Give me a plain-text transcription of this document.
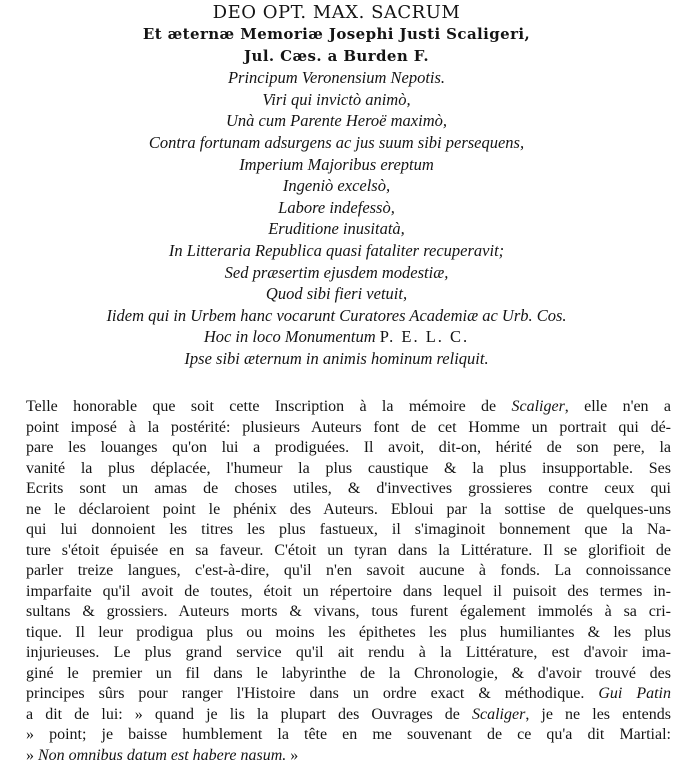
DEO OPT. MAX. SACRUM
Et æternæ Memoriæ Josephi Justi Scaligeri,
Jul. Cæs. a Burden F.
Principum Veronensium Nepotis.
Viri qui invictò animò,
Unà cum Parente Heroë maximò,
Contra fortunam adsurgens ac jus suum sibi persequens,
Imperium Majoribus ereptum
Ingeniò excelsò,
Labore indefessò,
Eruditione inusitatà,
In Litteraria Republica quasi fataliter recuperavit;
Sed præsertim ejusdem modestiæ,
Quod sibi fieri vetuit,
Iidem qui in Urbem hanc vocarunt Curatores Academiæ ac Urb. Cos.
Hoc in loco Monumentum P. E. L. C.
Ipse sibi æternum in animis hominum reliquit.
Telle honorable que soit cette Inscription à la mémoire de Scaliger, elle n'en a
point imposé à la postérité: plusieurs Auteurs font de cet Homme un portrait qui dé-
pare les louanges qu'on lui a prodiguées. Il avoit, dit-on, hérité de son pere, la
vanité la plus déplacée, l'humeur la plus caustique & la plus insupportable. Ses
Ecrits sont un amas de choses utiles, & d'invectives grossieres contre ceux qui
ne le déclaroient point le phénix des Auteurs. Ebloui par la sottise de quelques-uns
qui lui donnoient les titres les plus fastueux, il s'imaginoit bonnement que la Na-
ture s'étoit épuisée en sa faveur. C'étoit un tyran dans la Littérature. Il se glorifioit de
parler treize langues, c'est-à-dire, qu'il n'en savoit aucune à fonds. La connoissance
imparfaite qu'il avoit de toutes, étoit un répertoire dans lequel il puisoit des termes in-
sultans & grossiers. Auteurs morts & vivans, tous furent également immolés à sa cri-
tique. Il leur prodigua plus ou moins les épithetes les plus humiliantes & les plus
injurieuses. Le plus grand service qu'il ait rendu à la Littérature, est d'avoir ima-
giné le premier un fil dans le labyrinthe de la Chronologie, & d'avoir trouvé des
principes sûrs pour ranger l'Histoire dans un ordre exact & méthodique. Gui Patin
a dit de lui: » quand je lis la plupart des Ouvrages de Scaliger, je ne les entends
» point; je baisse humblement la tête en me souvenant de ce qu'a dit Martial:
» Non omnibus datum est habere nasum. »
